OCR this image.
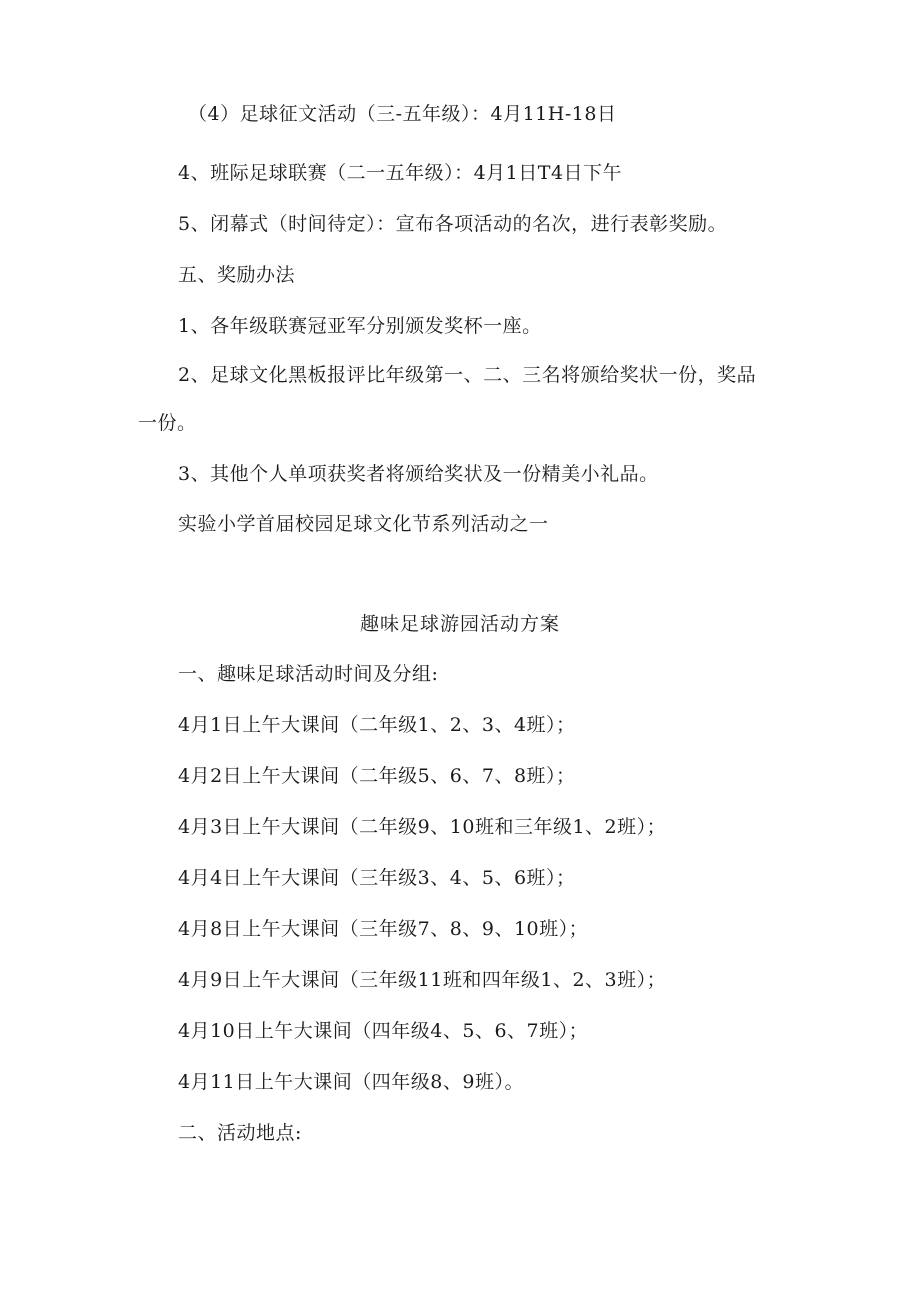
（4）足球征文活动（三-五年级）：4月11H-18日
4、班际足球联赛（二一五年级）：4月1日T4日下午
5、闭幕式（时间待定）：宣布各项活动的名次，进行表彰奖励。
五、奖励办法
1、各年级联赛冠亚军分别颁发奖杯一座。
2、足球文化黑板报评比年级第一、二、三名将颁给奖状一份，奖品
一份。
3、其他个人单项获奖者将颁给奖状及一份精美小礼品。
实验小学首届校园足球文化节系列活动之一
趣味足球游园活动方案
一、趣味足球活动时间及分组:
4月1日上午大课间（二年级1、2、3、4班）；
4月2日上午大课间（二年级5、6、7、8班）；
4月3日上午大课间（二年级9、10班和三年级1、2班）；
4月4日上午大课间（三年级3、4、5、6班）；
4月8日上午大课间（三年级7、8、9、10班）；
4月9日上午大课间（三年级11班和四年级1、2、3班）；
4月10日上午大课间（四年级4、5、6、7班）；
4月11日上午大课间（四年级8、9班）。
二、活动地点:
